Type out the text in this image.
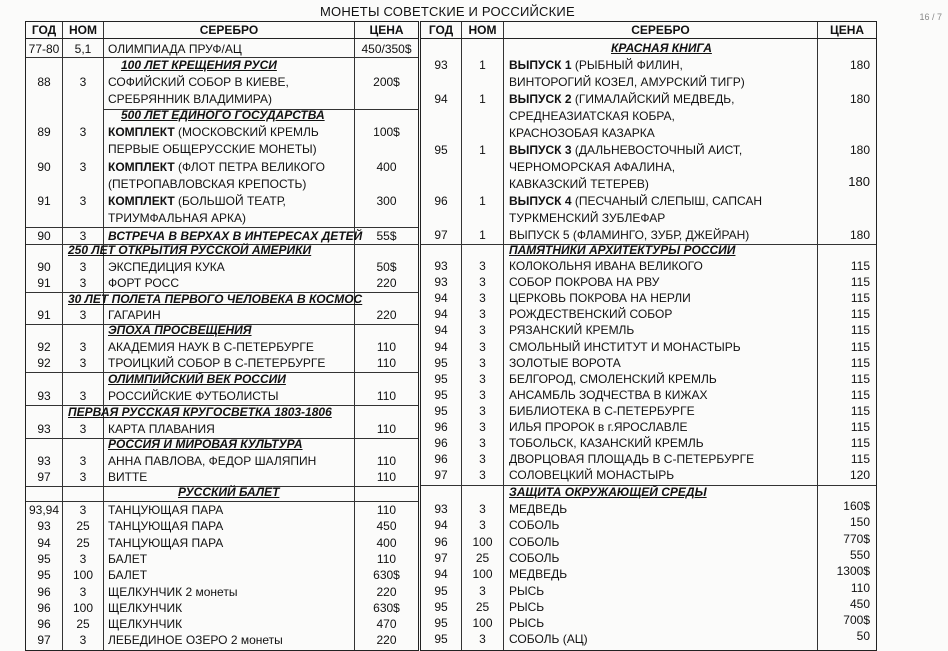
МОНЕТЫ СОВЕТСКИЕ И РОССИЙСКИЕ	16 / 7
ГОД	НОМ	СЕРЕБРО	ЦЕНА
77-80	5,1	ОЛИМПИАДА ПРУФ/АЦ	450/350$
100 ЛЕТ КРЕЩЕНИЯ РУСИ
88	3	СОФИЙСКИЙ СОБОР В КИЕВЕ,	200$
СРЕБРЯННИК ВЛАДИМИРА)
500 ЛЕТ ЕДИНОГО ГОСУДАРСТВА
89	3	КОМПЛЕКТ (МОСКОВСКИЙ КРЕМЛЬ	100$
ПЕРВЫЕ ОБЩЕРУССКИЕ МОНЕТЫ)
90	3	КОМПЛЕКТ (ФЛОТ ПЕТРА ВЕЛИКОГО	400
(ПЕТРОПАВЛОВСКАЯ КРЕПОСТЬ)
91	3	КОМПЛЕКТ (БОЛЬШОЙ ТЕАТР,	300
ТРИУМФАЛЬНАЯ АРКА)
90	3	ВСТРЕЧА В ВЕРХАХ В ИНТЕРЕСАХ ДЕТЕЙ	55$
250 ЛЕТ ОТКРЫТИЯ РУССКОЙ АМЕРИКИ
90	3	ЭКСПЕДИЦИЯ КУКА	50$
91	3	ФОРТ РОСС	220
30 ЛЕТ ПОЛЕТА ПЕРВОГО ЧЕЛОВЕКА В КОСМОС
91	3	ГАГАРИН	220
ЭПОХА ПРОСВЕЩЕНИЯ
92	3	АКАДЕМИЯ НАУК В С-ПЕТЕРБУРГЕ	110
92	3	ТРОИЦКИЙ СОБОР В С-ПЕТЕРБУРГЕ	110
ОЛИМПИЙСКИЙ ВЕК РОССИИ
93	3	РОССИЙСКИЕ ФУТБОЛИСТЫ	110
ПЕРВАЯ РУССКАЯ КРУГОСВЕТКА 1803-1806
93	3	КАРТА ПЛАВАНИЯ	110
РОССИЯ И МИРОВАЯ КУЛЬТУРА
93	3	АННА ПАВЛОВА, ФЕДОР ШАЛЯПИН	110
97	3	ВИТТЕ	110
РУССКИЙ БАЛЕТ
93,94	3	ТАНЦУЮЩАЯ ПАРА	110
93	25	ТАНЦУЮЩАЯ ПАРА	450
94	25	ТАНЦУЮЩАЯ ПАРА	400
95	3	БАЛЕТ	110
95	100	БАЛЕТ	630$
96	3	ЩЕЛКУНЧИК 2 монеты	220
96	100	ЩЕЛКУНЧИК	630$
96	25	ЩЕЛКУНЧИК	470
97	3	ЛЕБЕДИНОЕ ОЗЕРО 2 монеты	220
ГОД	НОМ	СЕРЕБРО	ЦЕНА
КРАСНАЯ КНИГА
93	1	ВЫПУСК 1 (РЫБНЫЙ ФИЛИН,	180
ВИНТОРОГИЙ КОЗЕЛ, АМУРСКИЙ ТИГР)
94	1	ВЫПУСК 2 (ГИМАЛАЙСКИЙ МЕДВЕДЬ,	180
СРЕДНЕАЗИАТСКАЯ КОБРА,
КРАСНОЗОБАЯ КАЗАРКА
95	1	ВЫПУСК 3 (ДАЛЬНЕВОСТОЧНЫЙ АИСТ,	180
ЧЕРНОМОРСКАЯ АФАЛИНА,
КАВКАЗСКИЙ ТЕТЕРЕВ)	180
96	1	ВЫПУСК 4 (ПЕСЧАНЫЙ СЛЕПЫШ, САПСАН
ТУРКМЕНСКИЙ ЗУБЛЕФАР
97	1	ВЫПУСК 5 (ФЛАМИНГО, ЗУБР, ДЖЕЙРАН)	180
ПАМЯТНИКИ АРХИТЕКТУРЫ РОССИИ
93	3	КОЛОКОЛЬНЯ ИВАНА ВЕЛИКОГО	115
93	3	СОБОР ПОКРОВА НА РВУ	115
94	3	ЦЕРКОВЬ ПОКРОВА НА НЕРЛИ	115
94	3	РОЖДЕСТВЕНСКИЙ СОБОР	115
94	3	РЯЗАНСКИЙ КРЕМЛЬ	115
94	3	СМОЛЬНЫЙ ИНСТИТУТ И МОНАСТЫРЬ	115
95	3	ЗОЛОТЫЕ ВОРОТА	115
95	3	БЕЛГОРОД, СМОЛЕНСКИЙ КРЕМЛЬ	115
95	3	АНСАМБЛЬ ЗОДЧЕСТВА В КИЖАХ	115
95	3	БИБЛИОТЕКА В С-ПЕТЕРБУРГЕ	115
96	3	ИЛЬЯ ПРОРОК в г.ЯРОСЛАВЛЕ	115
96	3	ТОБОЛЬСК, КАЗАНСКИЙ КРЕМЛЬ	115
96	3	ДВОРЦОВАЯ ПЛОЩАДЬ В С-ПЕТЕРБУРГЕ	115
97	3	СОЛОВЕЦКИЙ МОНАСТЫРЬ	120
ЗАЩИТА ОКРУЖАЮЩЕЙ СРЕДЫ
93	3	МЕДВЕДЬ	160$
94	3	СОБОЛЬ	150
96	100	СОБОЛЬ	770$
97	25	СОБОЛЬ	550
94	100	МЕДВЕДЬ	1300$
95	3	РЫСЬ	110
95	25	РЫСЬ	450
95	100	РЫСЬ	700$
95	3	СОБОЛЬ (АЦ)	50
